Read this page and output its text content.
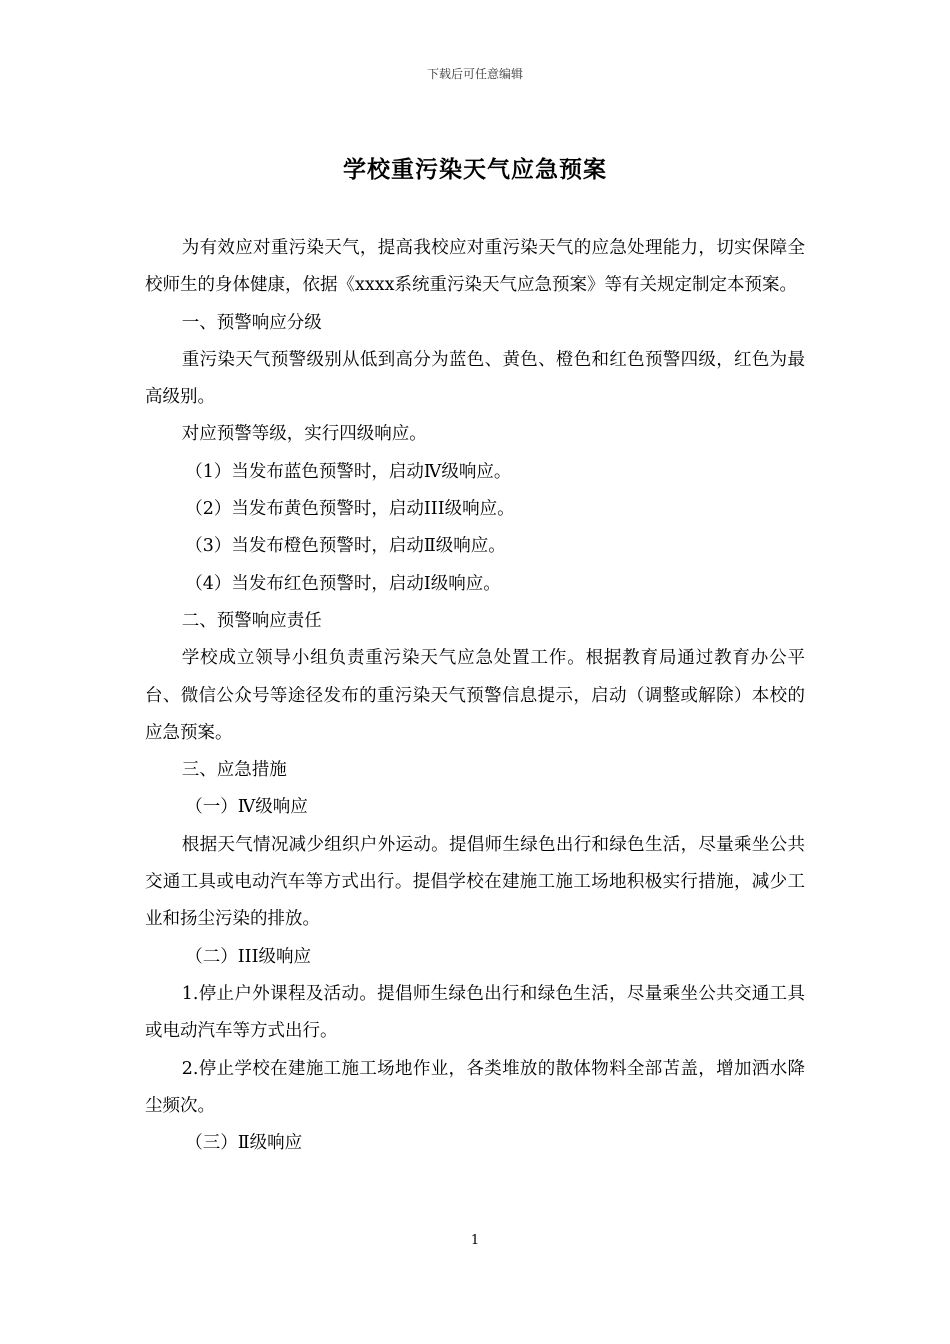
下载后可任意编辑
学校重污染天气应急预案

为有效应对重污染天气，提高我校应对重污染天气的应急处理能力，切实保障全校师生的身体健康，依据《xxxx系统重污染天气应急预案》等有关规定制定本预案。

一、预警响应分级

重污染天气预警级别从低到高分为蓝色、黄色、橙色和红色预警四级，红色为最高级别。

对应预警等级，实行四级响应。

（1）当发布蓝色预警时，启动Ⅳ级响应。

（2）当发布黄色预警时，启动III级响应。

（3）当发布橙色预警时，启动Ⅱ级响应。

（4）当发布红色预警时，启动Ⅰ级响应。

二、预警响应责任

学校成立领导小组负责重污染天气应急处置工作。根据教育局通过教育办公平台、微信公众号等途径发布的重污染天气预警信息提示，启动（调整或解除）本校的应急预案。

三、应急措施

（一）Ⅳ级响应

根据天气情况减少组织户外运动。提倡师生绿色出行和绿色生活，尽量乘坐公共交通工具或电动汽车等方式出行。提倡学校在建施工施工场地积极实行措施，减少工业和扬尘污染的排放。

（二）III级响应

1.停止户外课程及活动。提倡师生绿色出行和绿色生活，尽量乘坐公共交通工具或电动汽车等方式出行。

2.停止学校在建施工施工场地作业，各类堆放的散体物料全部苫盖，增加洒水降尘频次。

（三）Ⅱ级响应

1
